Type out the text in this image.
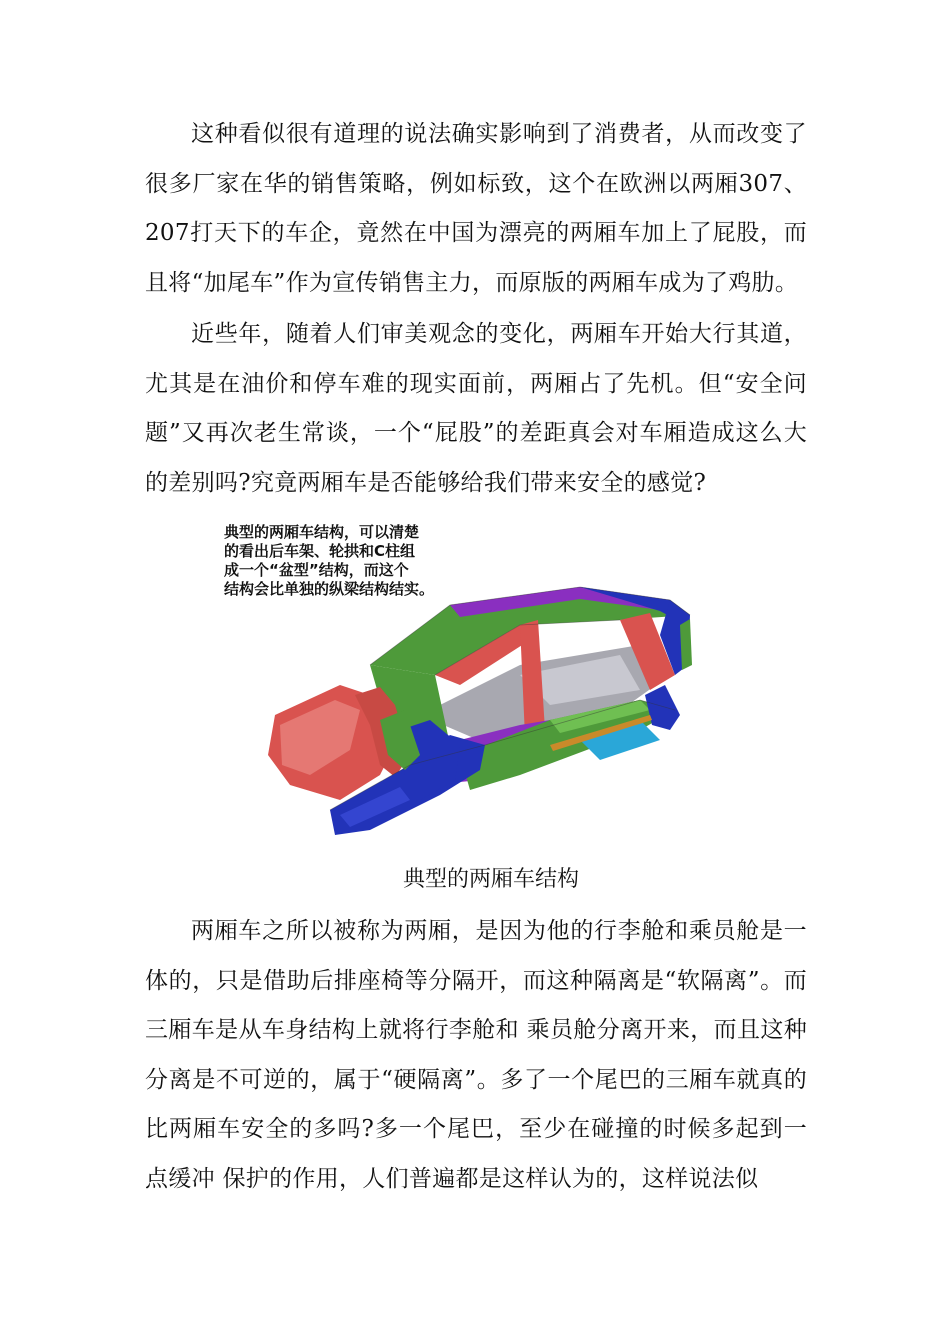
这种看似很有道理的说法确实影响到了消费者，从而改变了很多厂家在华的销售策略，例如标致，这个在欧洲以两厢307、207打天下的车企，竟然在中国为漂亮的两厢车加上了屁股，而且将“加尾车”作为宣传销售主力，而原版的两厢车成为了鸡肋。

近些年，随着人们审美观念的变化，两厢车开始大行其道，尤其是在油价和停车难的现实面前，两厢占了先机。但“安全问题”又再次老生常谈，一个“屁股”的差距真会对车厢造成这么大的差别吗?究竟两厢车是否能够给我们带来安全的感觉?

典型的两厢车结构，可以清楚
的看出后车架、轮拱和C柱组
成一个“盆型”结构，而这个
结构会比单独的纵梁结构结实。

典型的两厢车结构

两厢车之所以被称为两厢，是因为他的行李舱和乘员舱是一体的，只是借助后排座椅等分隔开，而这种隔离是“软隔离”。而三厢车是从车身结构上就将行李舱和 乘员舱分离开来，而且这种分离是不可逆的，属于“硬隔离”。多了一个尾巴的三厢车就真的比两厢车安全的多吗?多一个尾巴，至少在碰撞的时候多起到一点缓冲 保护的作用，人们普遍都是这样认为的，这样说法似
